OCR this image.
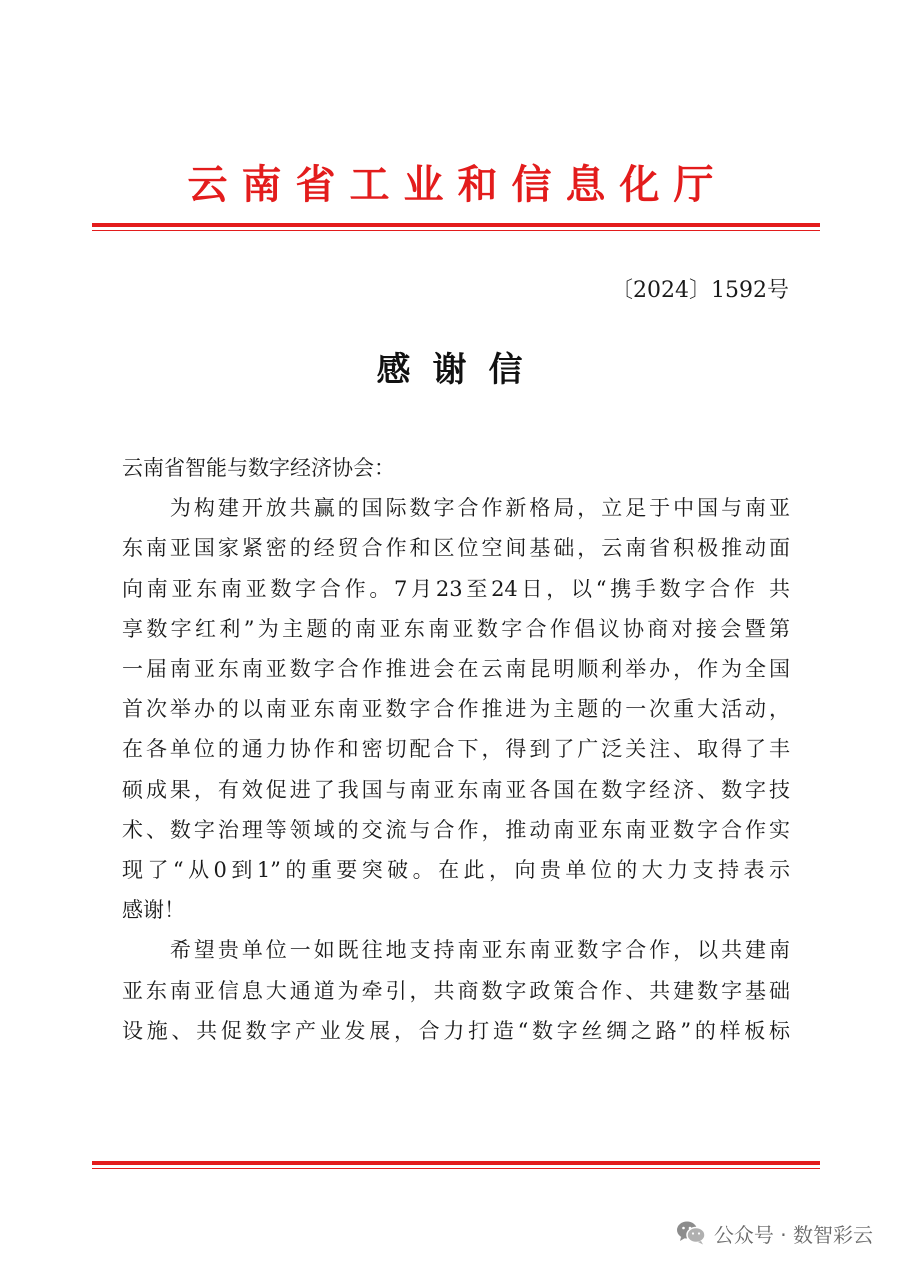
云南省工业和信息化厅
〔2024〕1592号
感谢信
云南省智能与数字经济协会：
　　为构建开放共赢的国际数字合作新格局，立足于中国与南亚
东南亚国家紧密的经贸合作和区位空间基础，云南省积极推动面
向南亚东南亚数字合作。7月23至24日，以“携手数字合作 共
享数字红利”为主题的南亚东南亚数字合作倡议协商对接会暨第
一届南亚东南亚数字合作推进会在云南昆明顺利举办，作为全国
首次举办的以南亚东南亚数字合作推进为主题的一次重大活动，
在各单位的通力协作和密切配合下，得到了广泛关注、取得了丰
硕成果，有效促进了我国与南亚东南亚各国在数字经济、数字技
术、数字治理等领域的交流与合作，推动南亚东南亚数字合作实
现了“从0到1”的重要突破。在此，向贵单位的大力支持表示
感谢！
　　希望贵单位一如既往地支持南亚东南亚数字合作，以共建南
亚东南亚信息大通道为牵引，共商数字政策合作、共建数字基础
设施、共促数字产业发展，合力打造“数字丝绸之路”的样板标
公众号 · 数智彩云
